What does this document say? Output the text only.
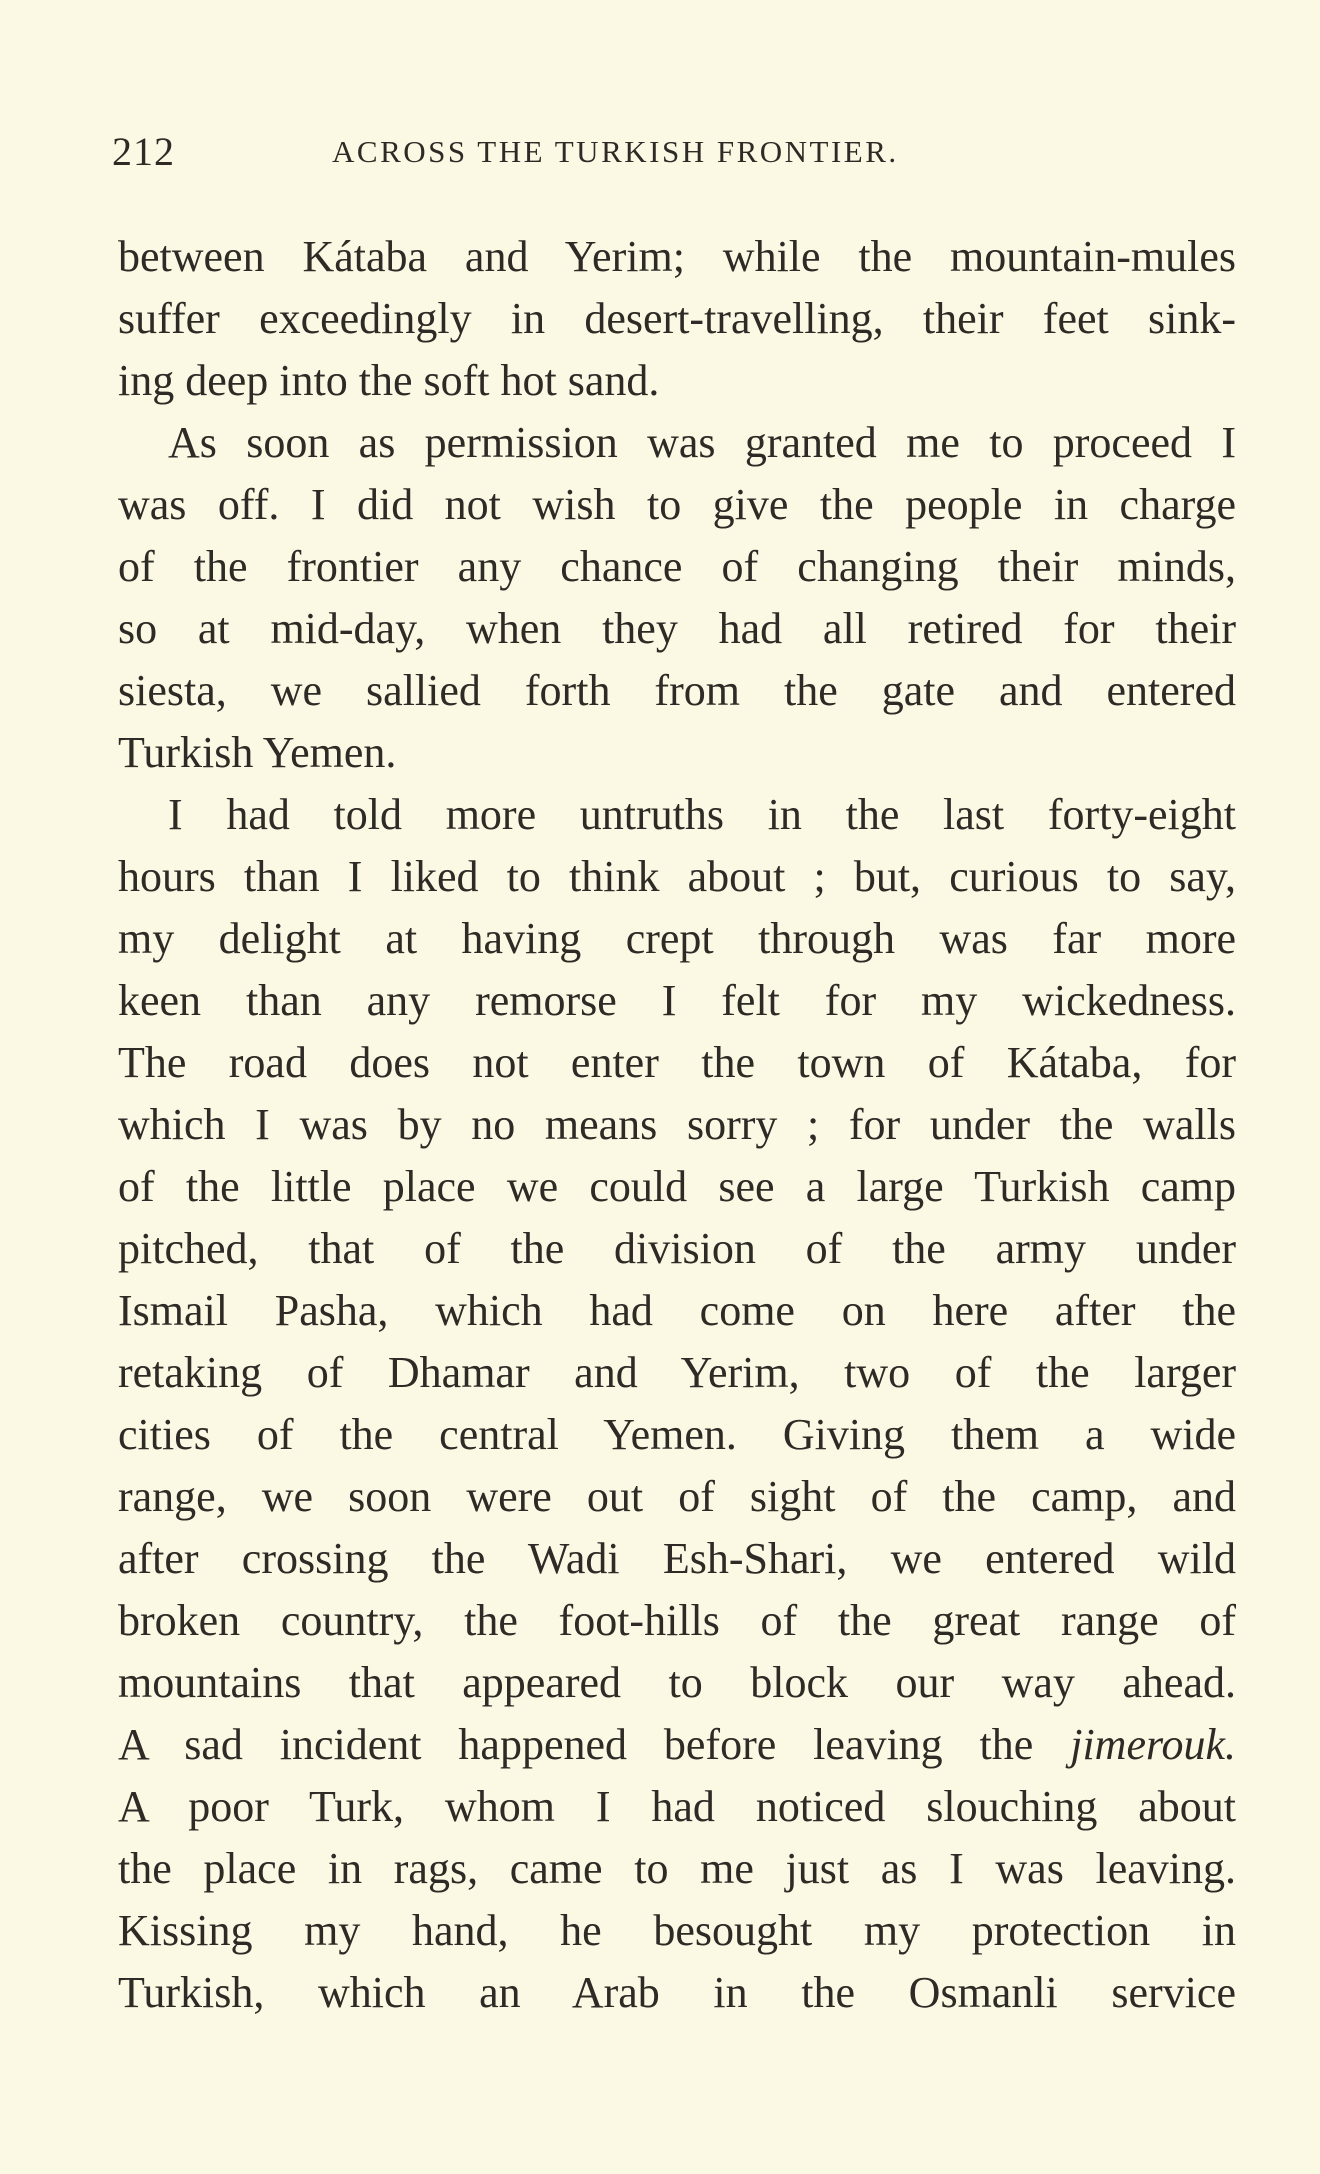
212	ACROSS THE TURKISH FRONTIER.
between Kátaba and Yerim; while the mountain-mules
suffer exceedingly in desert-travelling, their feet sink-
ing deep into the soft hot sand.
As soon as permission was granted me to proceed I
was off. I did not wish to give the people in charge
of the frontier any chance of changing their minds,
so at mid-day, when they had all retired for their
siesta, we sallied forth from the gate and entered
Turkish Yemen.
I had told more untruths in the last forty-eight
hours than I liked to think about ; but, curious to say,
my delight at having crept through was far more
keen than any remorse I felt for my wickedness.
The road does not enter the town of Kátaba, for
which I was by no means sorry ; for under the walls
of the little place we could see a large Turkish camp
pitched, that of the division of the army under
Ismail Pasha, which had come on here after the
retaking of Dhamar and Yerim, two of the larger
cities of the central Yemen. Giving them a wide
range, we soon were out of sight of the camp, and
after crossing the Wadi Esh-Shari, we entered wild
broken country, the foot-hills of the great range of
mountains that appeared to block our way ahead.
A sad incident happened before leaving the jimerouk.
A poor Turk, whom I had noticed slouching about
the place in rags, came to me just as I was leaving.
Kissing my hand, he besought my protection in
Turkish, which an Arab in the Osmanli service
